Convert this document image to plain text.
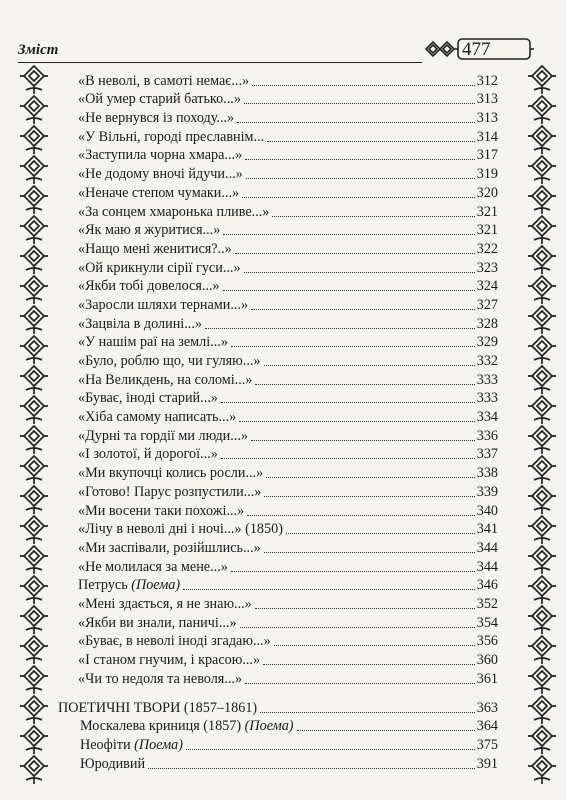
Зміст	477
«В неволі, в самоті немає...»	312
«Ой умер старий батько...»	313
«Не вернувся із походу...»	313
«У Вільні, городі преславнім...	314
«Заступила чорна хмара...»	317
«Не додому вночі йдучи...»	319
«Неначе степом чумаки...»	320
«За сонцем хмаронька пливе...»	321
«Як маю я журитися...»	321
«Нащо мені женитися?..»	322
«Ой крикнули сірії гуси...»	323
«Якби тобі довелося...»	324
«Заросли шляхи тернами...»	327
«Зацвіла в долині...»	328
«У нашім раї на землі...»	329
«Було, роблю що, чи гуляю...»	332
«На Великдень, на соломі...»	333
«Буває, іноді старий...»	333
«Хіба самому написать...»	334
«Дурні та гордії ми люди...»	336
«І золотої, й дорогої...»	337
«Ми вкупочці колись росли...»	338
«Готово! Парус розпустили...»	339
«Ми восени таки похожі...»	340
«Лічу в неволі дні і ночі...» (1850)	341
«Ми заспівали, розійшлись...»	344
«Не молилася за мене...»	344
Петрусь (Поема)	346
«Мені здається, я не знаю...»	352
«Якби ви знали, паничі...»	354
«Буває, в неволі іноді згадаю...»	356
«І станом гнучим, і красою...»	360
«Чи то недоля та неволя...»	361
ПОЕТИЧНІ ТВОРИ (1857–1861)	363
Москалева криниця (1857) (Поема)	364
Неофіти (Поема)	375
Юродивий	391
